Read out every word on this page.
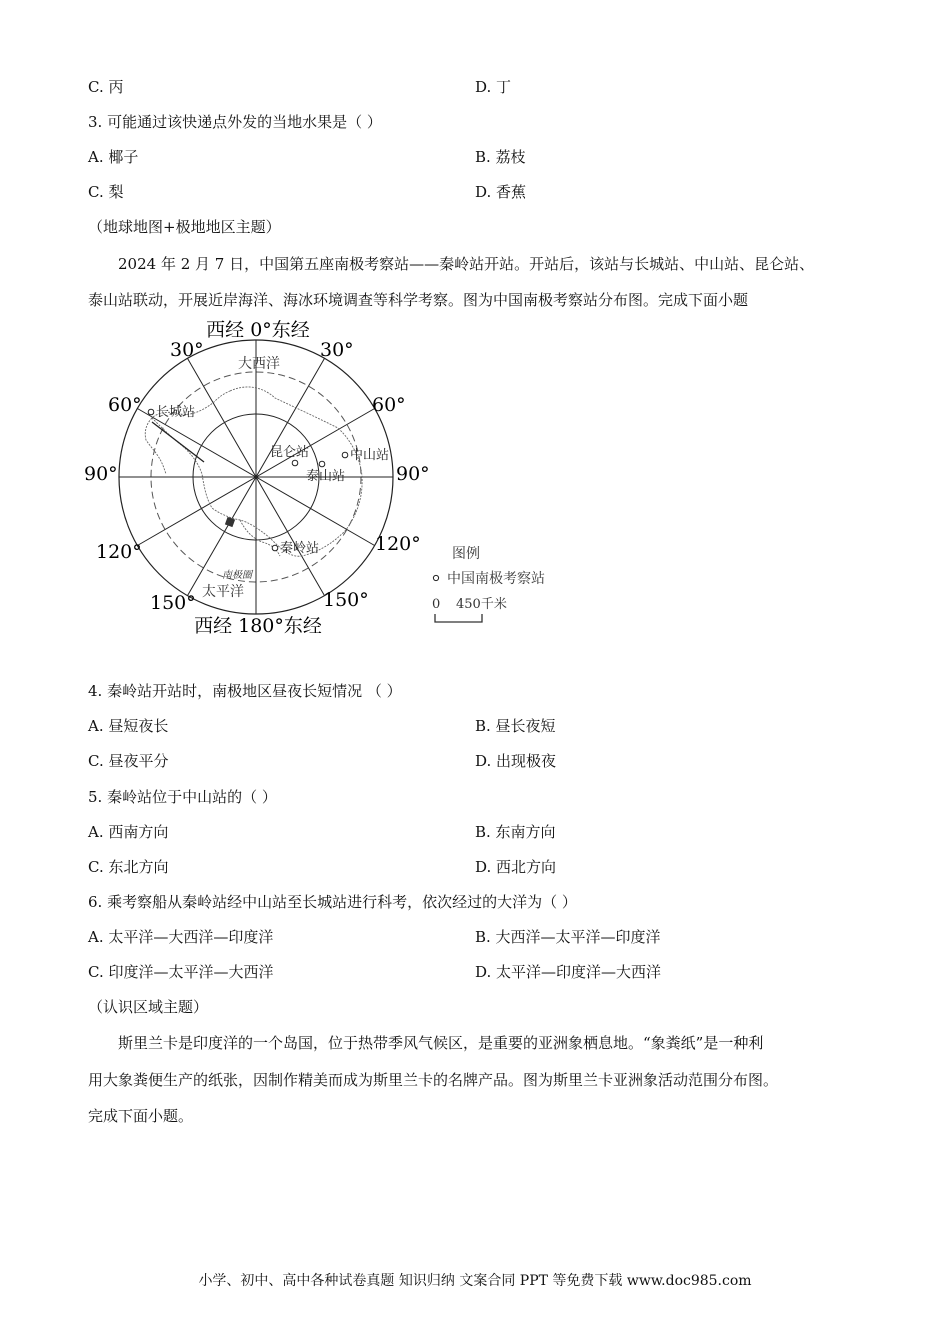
C. 丙	D. 丁
3. 可能通过该快递点外发的当地水果是（ ）
A. 椰子	B. 荔枝
C. 梨	D. 香蕉
（地球地图+极地地区主题）
2024 年 2 月 7 日，中国第五座南极考察站——秦岭站开站。开站后，该站与长城站、中山站、昆仑站、
泰山站联动，开展近岸海洋、海冰环境调查等科学考察。图为中国南极考察站分布图。完成下面小题
西经 0°东经
西经 180°东经
30°	30°
60°	60°
90°	90°
120°	120°
150°	150°
大西洋
太平洋
南极圈
长城站
昆仑站	中山站
泰山站
秦岭站	图例
中国南极考察站
0 450千米
4. 秦岭站开站时，南极地区昼夜长短情况 （ ）
A. 昼短夜长	B. 昼长夜短
C. 昼夜平分	D. 出现极夜
5. 秦岭站位于中山站的（ ）
A. 西南方向	B. 东南方向
C. 东北方向	D. 西北方向
6. 乘考察船从秦岭站经中山站至长城站进行科考，依次经过的大洋为（ ）
A. 太平洋—大西洋—印度洋	B. 大西洋—太平洋—印度洋
C. 印度洋—太平洋—大西洋	D. 太平洋—印度洋—大西洋
（认识区域主题）
斯里兰卡是印度洋的一个岛国，位于热带季风气候区，是重要的亚洲象栖息地。“象粪纸”是一种利
用大象粪便生产的纸张，因制作精美而成为斯里兰卡的名牌产品。图为斯里兰卡亚洲象活动范围分布图。
完成下面小题。
小学、初中、高中各种试卷真题 知识归纳 文案合同 PPT 等免费下载 www.doc985.com
